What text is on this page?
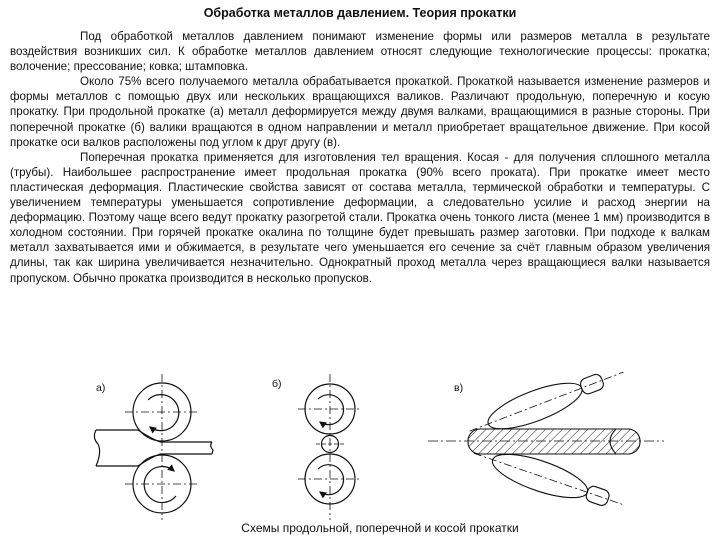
Обработка металлов давлением. Теория прокатки

Под обработкой металлов давлением понимают изменение формы или размеров металла в результате воздействия возникших сил. К обработке металлов давлением относят следующие технологические процессы: прокатка; волочение; прессование; ковка; штамповка.

Около 75% всего получаемого металла обрабатывается прокаткой. Прокаткой называется изменение размеров и формы металлов с помощью двух или нескольких вращающихся валиков. Различают продольную, поперечную и косую прокатку. При продольной прокатке (а) металл деформируется между двумя валками, вращающимися в разные стороны. При поперечной прокатке (б) валики вращаются в одном направлении и металл приобретает вращательное движение. При косой прокатке оси валков расположены под углом к друг другу (в).

Поперечная прокатка применяется для изготовления тел вращения. Косая - для получения сплошного металла (трубы). Наибольшее распространение имеет продольная прокатка (90% всего проката). При прокатке имеет место пластическая деформация. Пластические свойства зависят от состава металла, термической обработки и температуры. С увеличением температуры уменьшается сопротивление деформации, а следовательно усилие и расход энергии на деформацию. Поэтому чаще всего ведут прокатку разогретой стали. Прокатка очень тонкого листа (менее 1 мм) производится в холодном состоянии. При горячей прокатке окалина по толщине будет превышать размер заготовки. При подходе к валкам металл захватывается ими и обжимается, в результате чего уменьшается его сечение за счёт главным образом увеличения длины, так как ширина увеличивается незначительно. Однократный проход металла через вращающиеся валки называется пропуском. Обычно прокатка производится в несколько пропусков.

а)	б)	в)
Схемы продольной, поперечной и косой прокатки
